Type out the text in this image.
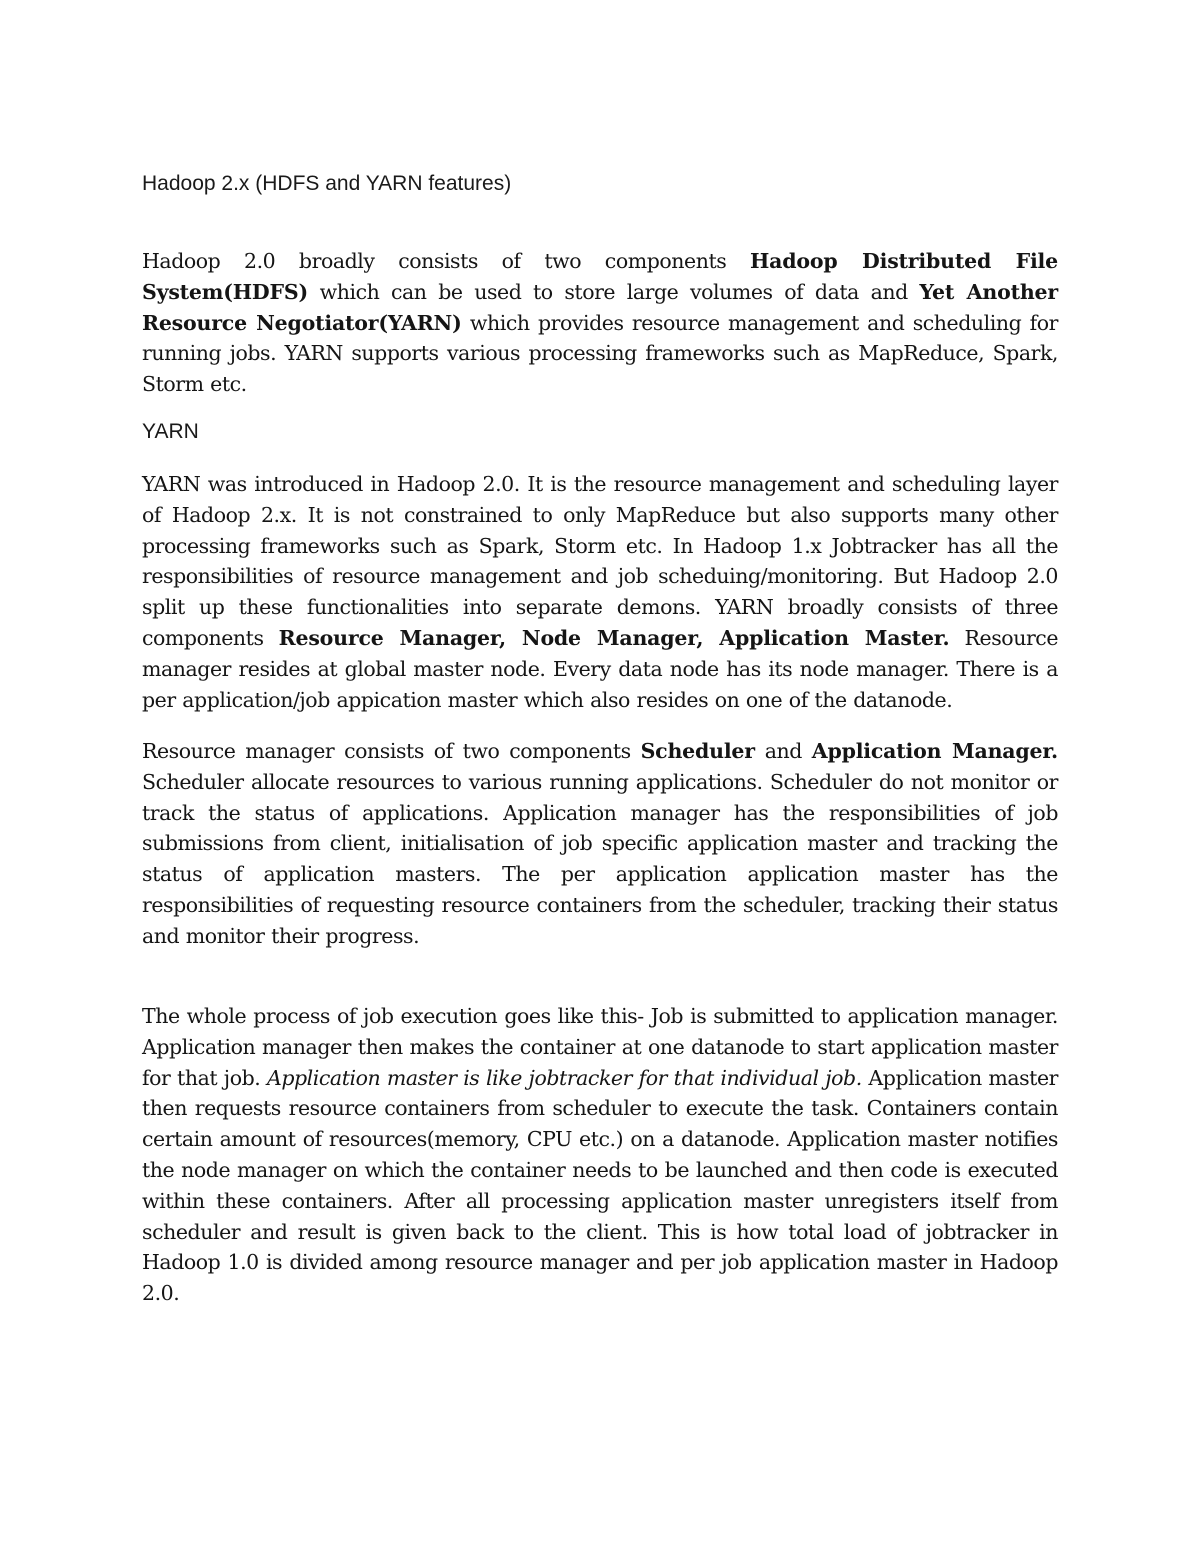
Hadoop 2.x (HDFS and YARN features)

Hadoop 2.0 broadly consists of two components Hadoop Distributed File System(HDFS) which can be used to store large volumes of data and Yet Another Resource Negotiator(YARN) which provides resource management and scheduling for running jobs. YARN supports various processing frameworks such as MapReduce, Spark, Storm etc.

YARN

YARN was introduced in Hadoop 2.0. It is the resource management and scheduling layer of Hadoop 2.x. It is not constrained to only MapReduce but also supports many other processing frameworks such as Spark, Storm etc. In Hadoop 1.x Jobtracker has all the responsibilities of resource management and job scheduing/monitoring. But Hadoop 2.0 split up these functionalities into separate demons. YARN broadly consists of three components Resource Manager, Node Manager, Application Master. Resource manager resides at global master node. Every data node has its node manager. There is a per application/job appication master which also resides on one of the datanode.

Resource manager consists of two components Scheduler and Application Manager. Scheduler allocate resources to various running applications. Scheduler do not monitor or track the status of applications. Application manager has the responsibilities of job submissions from client, initialisation of job specific application master and tracking the status of application masters. The per application application master has the responsibilities of requesting resource containers from the scheduler, tracking their status and monitor their progress.

The whole process of job execution goes like this- Job is submitted to application manager. Application manager then makes the container at one datanode to start application master for that job. Application master is like jobtracker for that individual job. Application master then requests resource containers from scheduler to execute the task. Containers contain certain amount of resources(memory, CPU etc.) on a datanode. Application master notifies the node manager on which the container needs to be launched and then code is executed within these containers. After all processing application master unregisters itself from scheduler and result is given back to the client. This is how total load of jobtracker in Hadoop 1.0 is divided among resource manager and per job application master in Hadoop 2.0.
